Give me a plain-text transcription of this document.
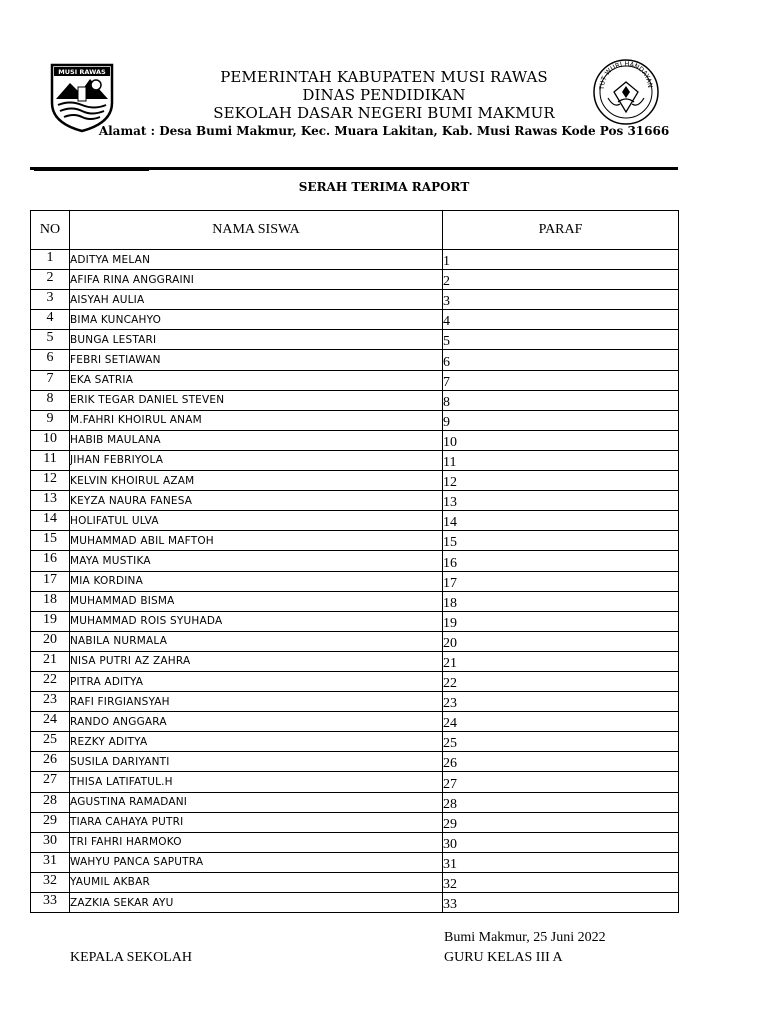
MUSI RAWAS
TUT WURI HANDAYAN
PEMERINTAH KABUPATEN MUSI RAWAS
DINAS PENDIDIKAN
SEKOLAH DASAR NEGERI BUMI MAKMUR
Alamat : Desa Bumi Makmur, Kec. Muara Lakitan, Kab. Musi Rawas Kode Pos 31666
SERAH TERIMA RAPORT
NO	NAMA SISWA	PARAF
1	ADITYA MELAN	1
2	AFIFA RINA ANGGRAINI	2
3	AISYAH AULIA	3
4	BIMA KUNCAHYO	4
5	BUNGA LESTARI	5
6	FEBRI SETIAWAN	6
7	EKA SATRIA	7
8	ERIK TEGAR DANIEL STEVEN	8
9	M.FAHRI KHOIRUL ANAM	9
10	HABIB MAULANA	10
11	JIHAN FEBRIYOLA	11
12	KELVIN KHOIRUL AZAM	12
13	KEYZA NAURA FANESA	13
14	HOLIFATUL ULVA	14
15	MUHAMMAD ABIL MAFTOH	15
16	MAYA MUSTIKA	16
17	MIA KORDINA	17
18	MUHAMMAD BISMA	18
19	MUHAMMAD ROIS SYUHADA	19
20	NABILA NURMALA	20
21	NISA PUTRI AZ ZAHRA	21
22	PITRA ADITYA	22
23	RAFI FIRGIANSYAH	23
24	RANDO ANGGARA	24
25	REZKY ADITYA	25
26	SUSILA DARIYANTI	26
27	THISA LATIFATUL.H	27
28	AGUSTINA RAMADANI	28
29	TIARA CAHAYA PUTRI	29
30	TRI FAHRI HARMOKO	30
31	WAHYU PANCA SAPUTRA	31
32	YAUMIL AKBAR	32
33	ZAZKIA SEKAR AYU	33
Bumi Makmur, 25 Juni 2022
KEPALA SEKOLAH	GURU KELAS III A
